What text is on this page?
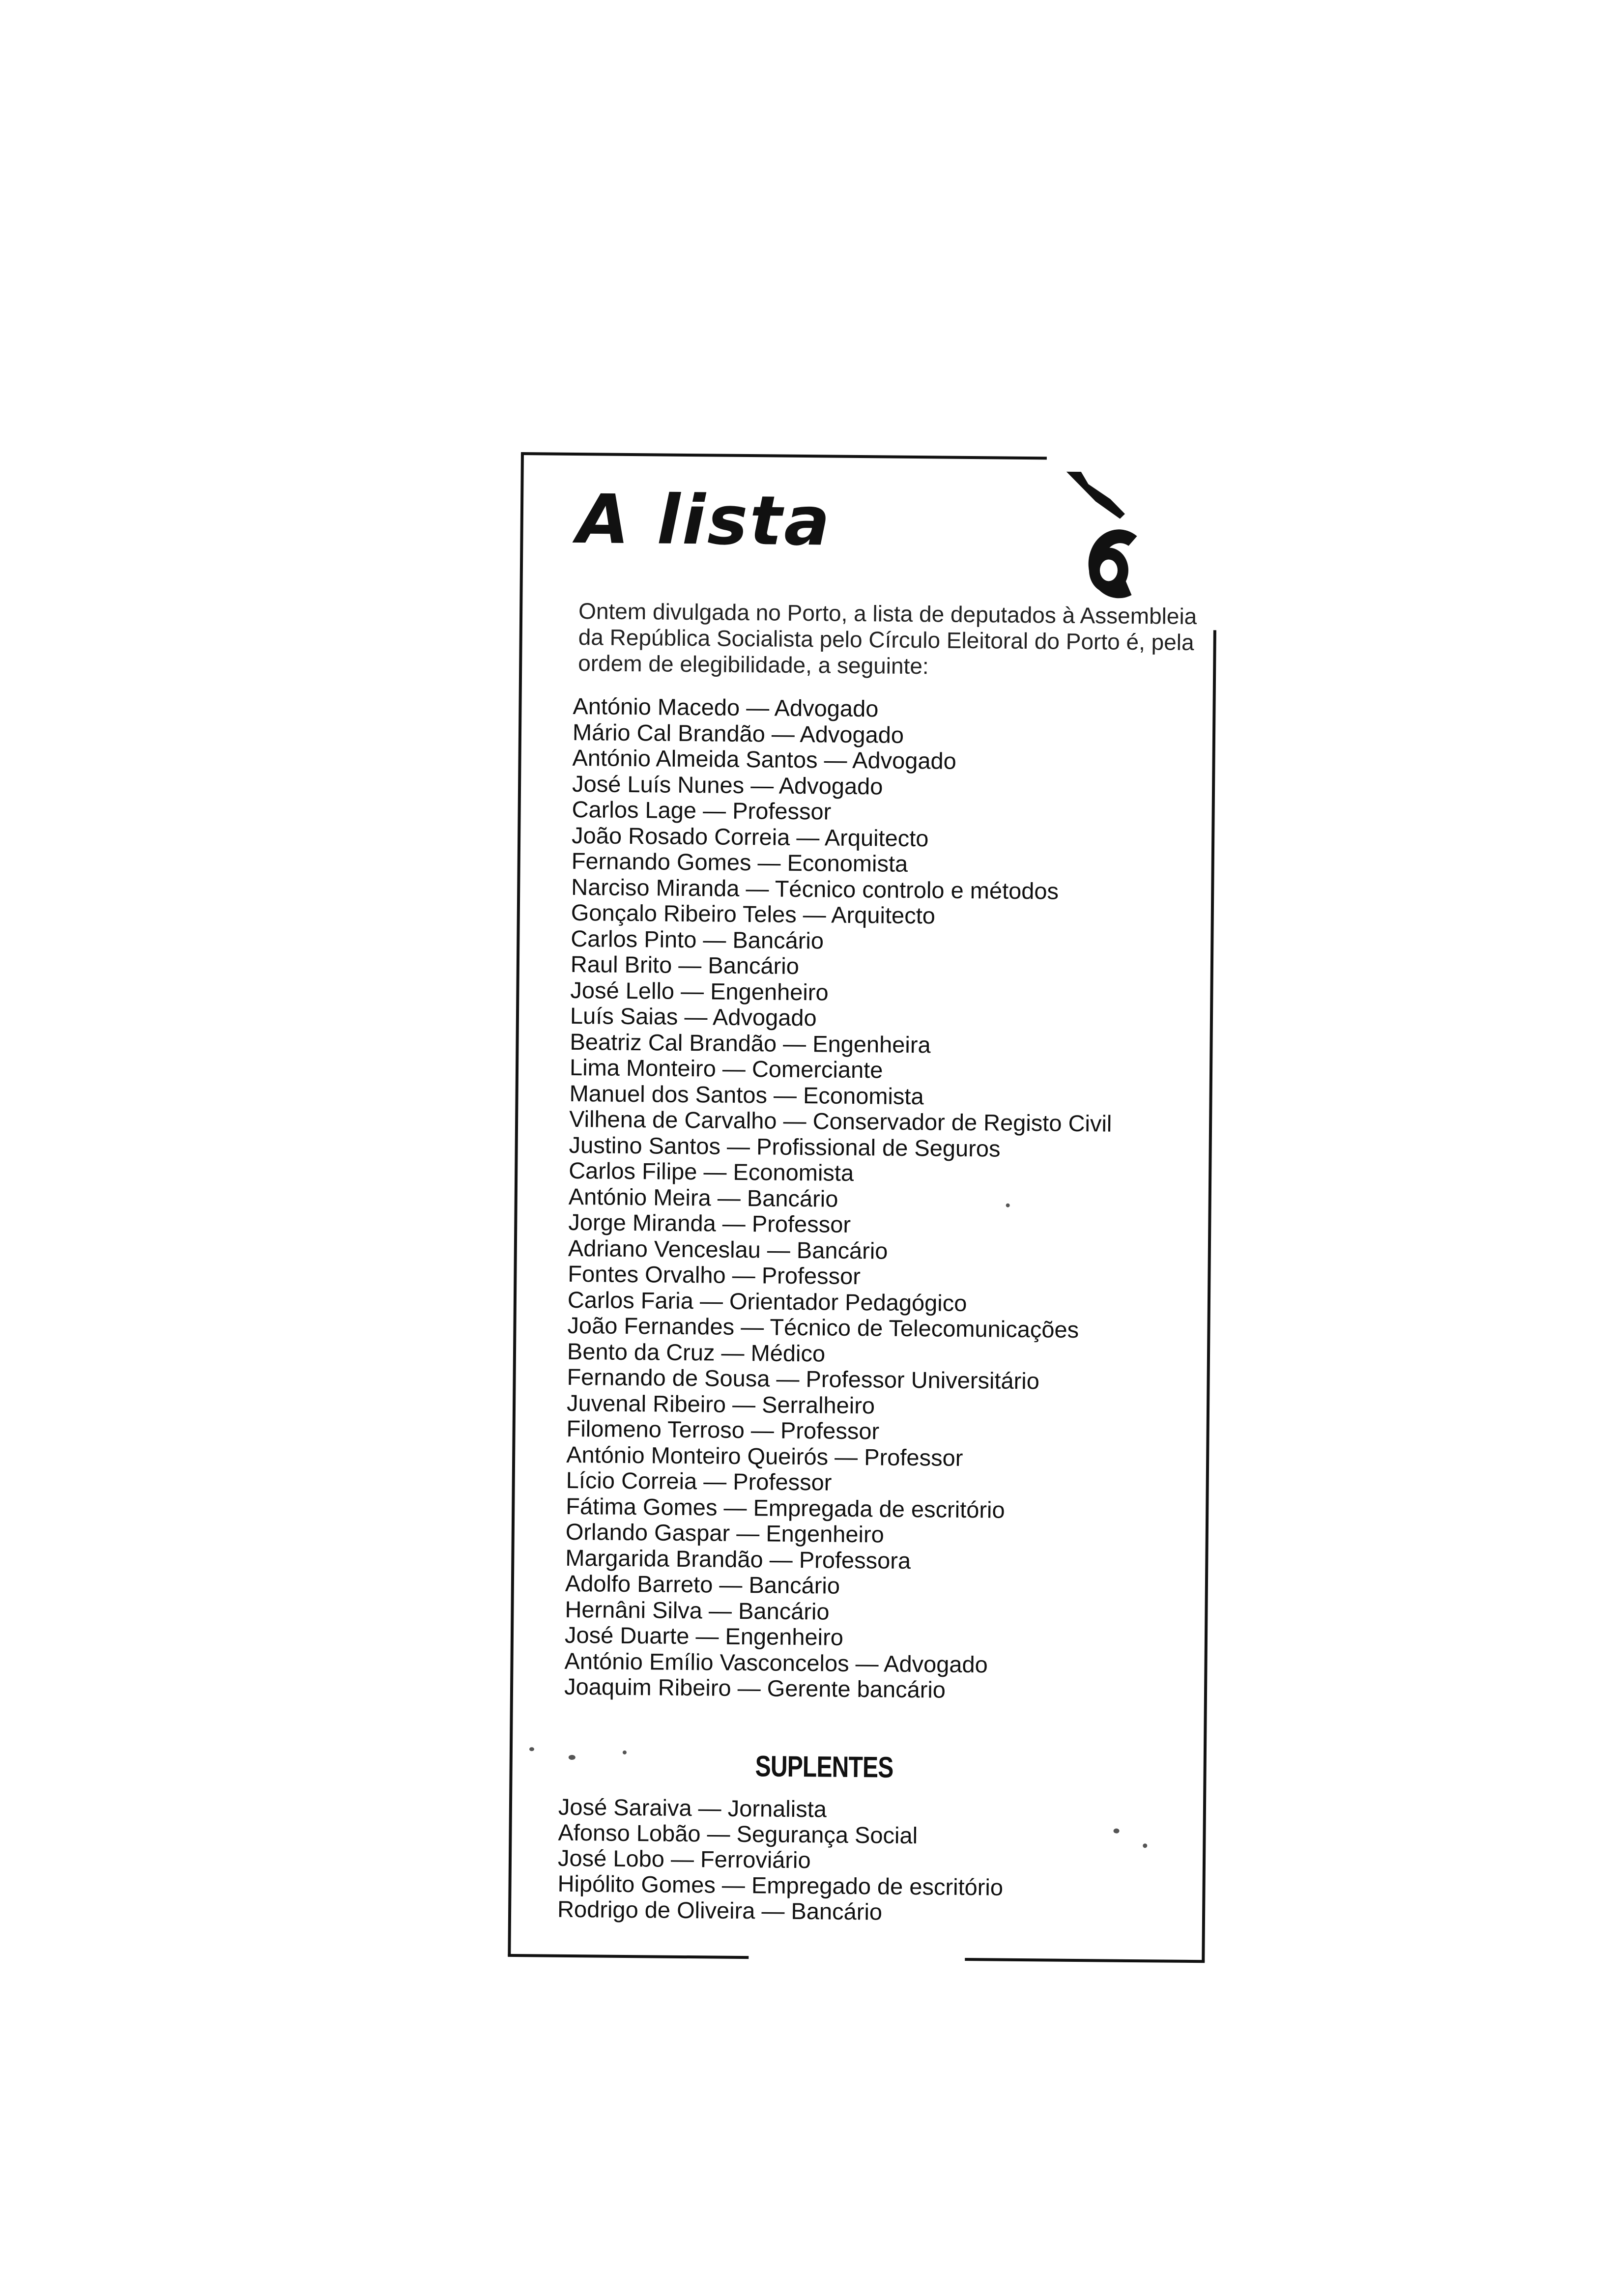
A lista

Ontem divulgada no Porto, a lista de deputados à Assembleia da República Socialista pelo Círculo Eleitoral do Porto é, pela ordem de elegibilidade, a seguinte:

António Macedo — Advogado
Mário Cal Brandão — Advogado
António Almeida Santos — Advogado
José Luís Nunes — Advogado
Carlos Lage — Professor
João Rosado Correia — Arquitecto
Fernando Gomes — Economista
Narciso Miranda — Técnico controlo e métodos
Gonçalo Ribeiro Teles — Arquitecto
Carlos Pinto — Bancário
Raul Brito — Bancário
José Lello — Engenheiro
Luís Saias — Advogado
Beatriz Cal Brandão — Engenheira
Lima Monteiro — Comerciante
Manuel dos Santos — Economista
Vilhena de Carvalho — Conservador de Registo Civil
Justino Santos — Profissional de Seguros
Carlos Filipe — Economista
António Meira — Bancário
Jorge Miranda — Professor
Adriano Venceslau — Bancário
Fontes Orvalho — Professor
Carlos Faria — Orientador Pedagógico
João Fernandes — Técnico de Telecomunicações
Bento da Cruz — Médico
Fernando de Sousa — Professor Universitário
Juvenal Ribeiro — Serralheiro
Filomeno Terroso — Professor
António Monteiro Queirós — Professor
Lício Correia — Professor
Fátima Gomes — Empregada de escritório
Orlando Gaspar — Engenheiro
Margarida Brandão — Professora
Adolfo Barreto — Bancário
Hernâni Silva — Bancário
José Duarte — Engenheiro
António Emílio Vasconcelos — Advogado
Joaquim Ribeiro — Gerente bancário
SUPLENTES
José Saraiva — Jornalista
Afonso Lobão — Segurança Social
José Lobo — Ferroviário
Hipólito Gomes — Empregado de escritório
Rodrigo de Oliveira — Bancário
